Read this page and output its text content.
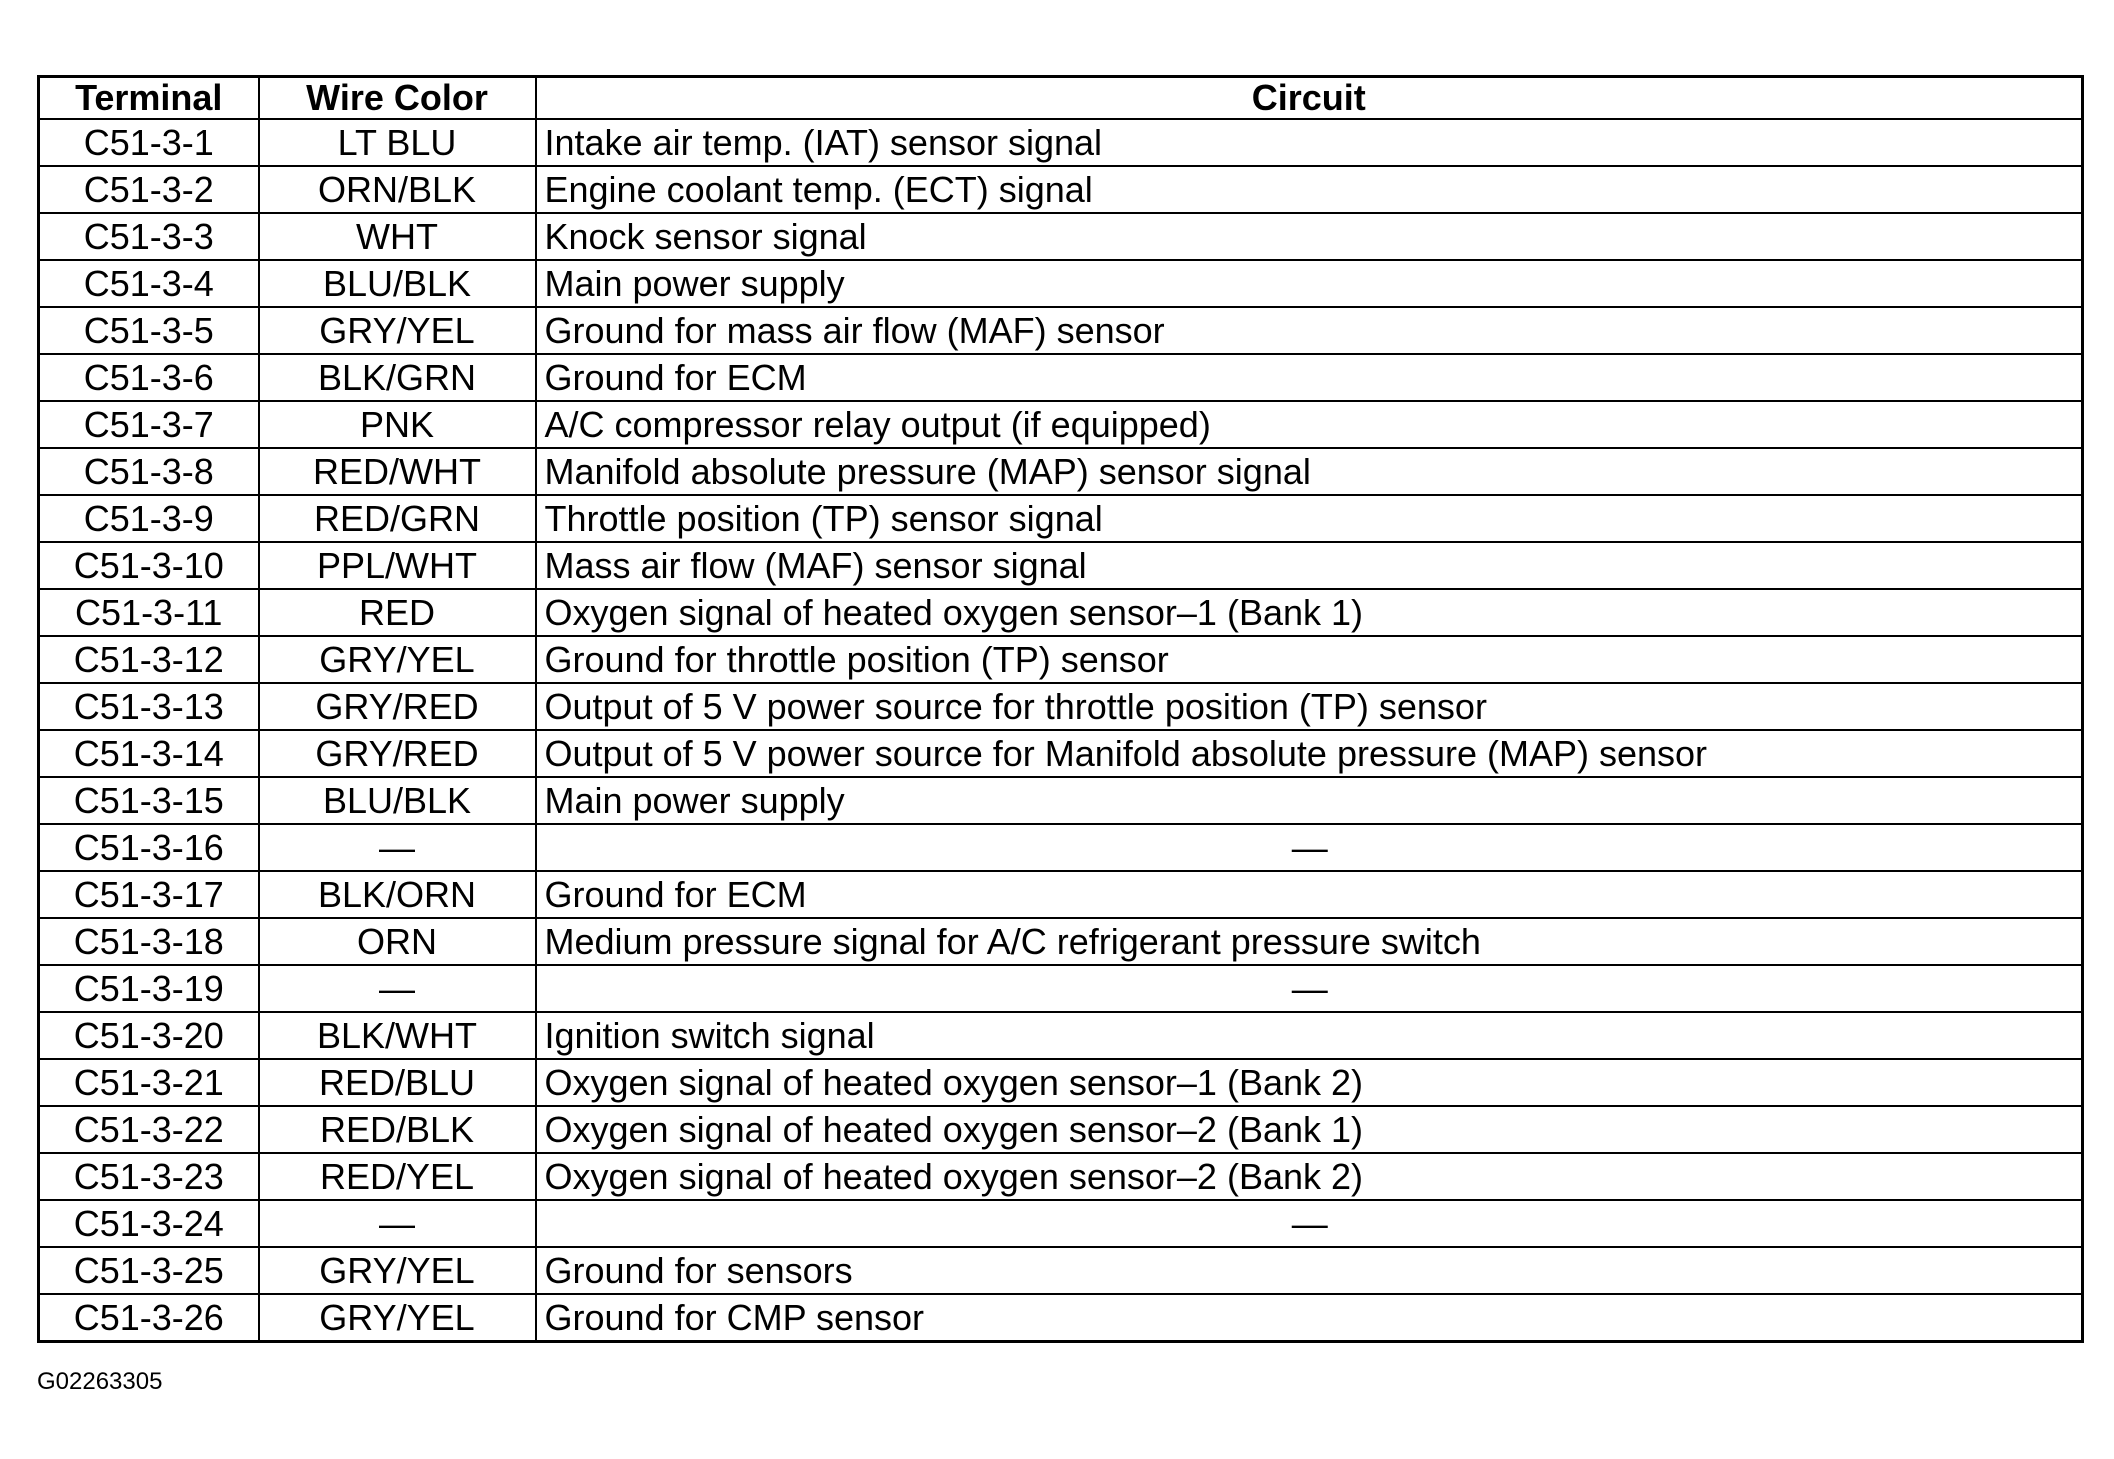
Terminal	Wire Color	Circuit
C51-3-1	LT BLU	Intake air temp. (IAT) sensor signal
C51-3-2	ORN/BLK	Engine coolant temp. (ECT) signal
C51-3-3	WHT	Knock sensor signal
C51-3-4	BLU/BLK	Main power supply
C51-3-5	GRY/YEL	Ground for mass air flow (MAF) sensor
C51-3-6	BLK/GRN	Ground for ECM
C51-3-7	PNK	A/C compressor relay output (if equipped)
C51-3-8	RED/WHT	Manifold absolute pressure (MAP) sensor signal
C51-3-9	RED/GRN	Throttle position (TP) sensor signal
C51-3-10	PPL/WHT	Mass air flow (MAF) sensor signal
C51-3-11	RED	Oxygen signal of heated oxygen sensor–1 (Bank 1)
C51-3-12	GRY/YEL	Ground for throttle position (TP) sensor
C51-3-13	GRY/RED	Output of 5 V power source for throttle position (TP) sensor
C51-3-14	GRY/RED	Output of 5 V power source for Manifold absolute pressure (MAP) sensor
C51-3-15	BLU/BLK	Main power supply
C51-3-16	—	—
C51-3-17	BLK/ORN	Ground for ECM
C51-3-18	ORN	Medium pressure signal for A/C refrigerant pressure switch
C51-3-19	—	—
C51-3-20	BLK/WHT	Ignition switch signal
C51-3-21	RED/BLU	Oxygen signal of heated oxygen sensor–1 (Bank 2)
C51-3-22	RED/BLK	Oxygen signal of heated oxygen sensor–2 (Bank 1)
C51-3-23	RED/YEL	Oxygen signal of heated oxygen sensor–2 (Bank 2)
C51-3-24	—	—
C51-3-25	GRY/YEL	Ground for sensors
C51-3-26	GRY/YEL	Ground for CMP sensor
G02263305
